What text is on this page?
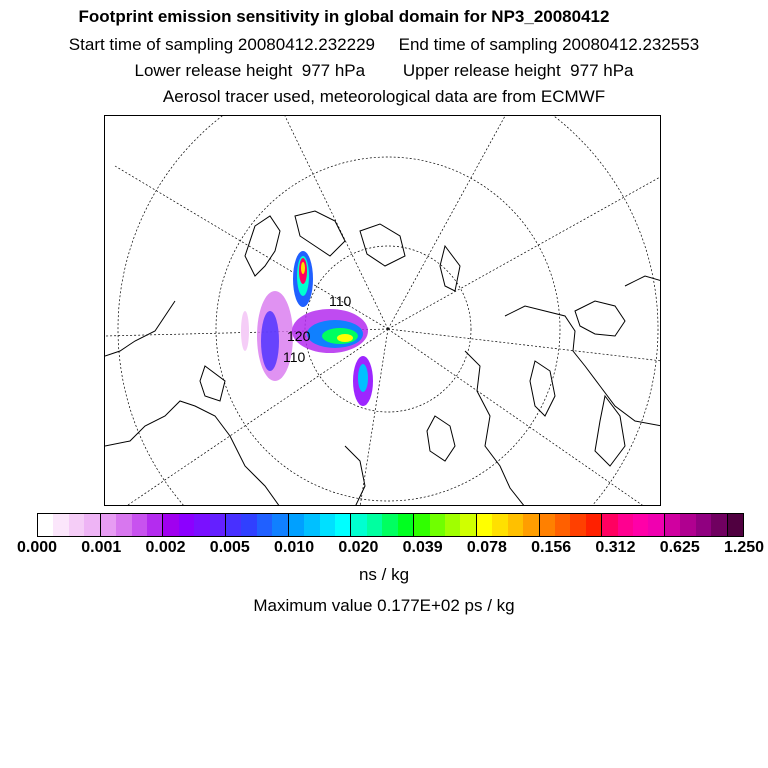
Footprint emission sensitivity in global domain for NP3_20080412
Start time of sampling 20080412.232229     End time of sampling 20080412.232553
Lower release height  977 hPa        Upper release height  977 hPa
Aerosol tracer used, meteorological data are from ECMWF
110
120
110
0.000 0.001 0.002 0.005 0.010 0.020 0.039 0.078 0.156 0.312 0.625 1.250
ns / kg
Maximum value 0.177E+02 ps / kg
